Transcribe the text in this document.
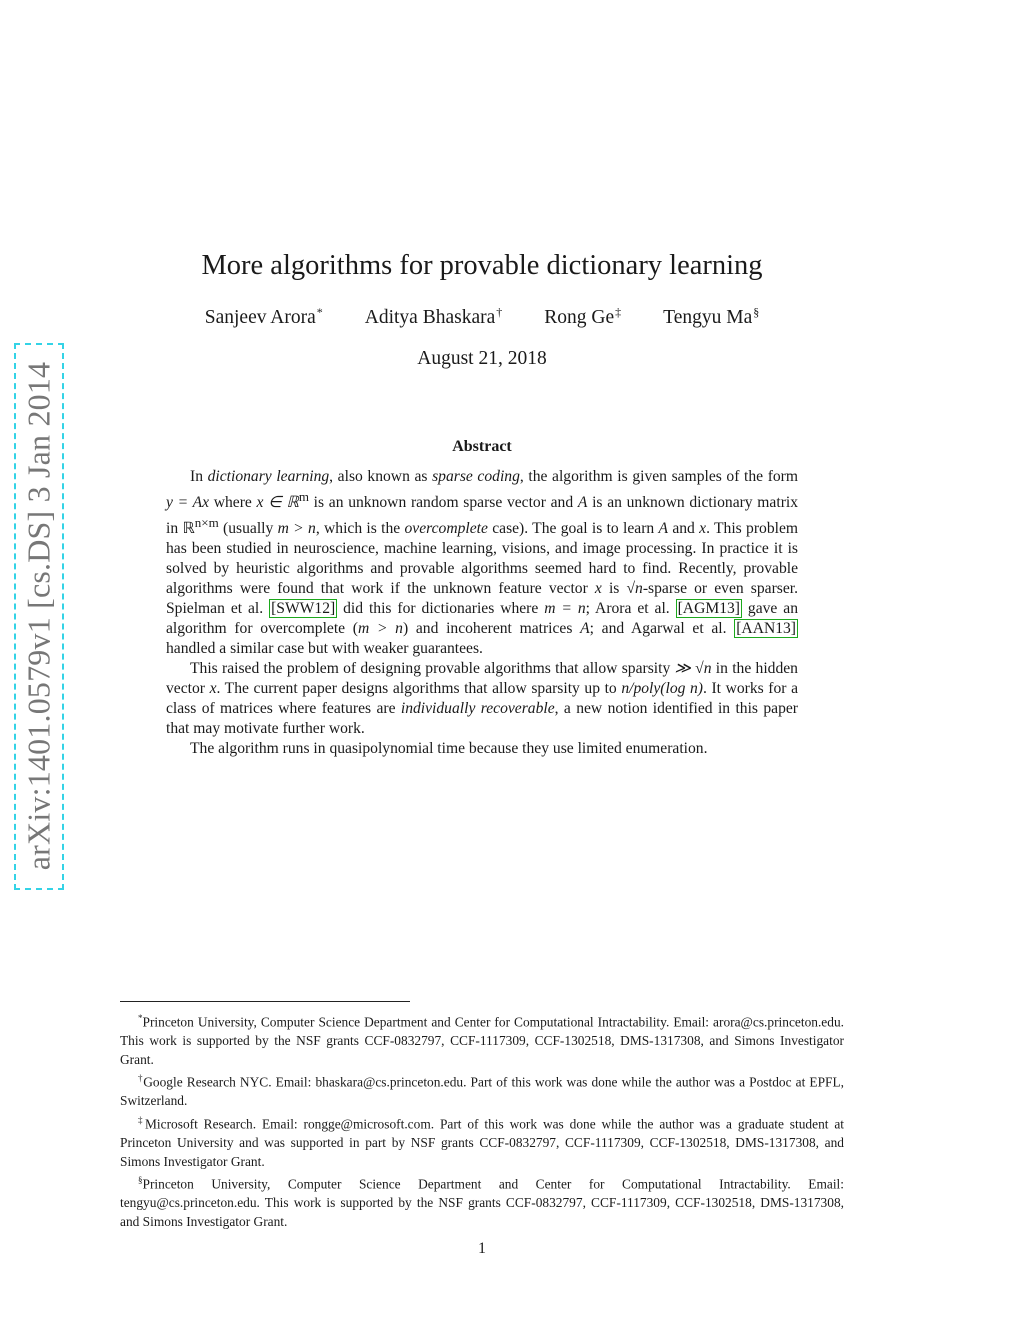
arXiv:1401.0579v1 [cs.DS] 3 Jan 2014
More algorithms for provable dictionary learning
Sanjeev Arora* Aditya Bhaskara† Rong Ge‡ Tengyu Ma§
August 21, 2018
Abstract

In dictionary learning, also known as sparse coding, the algorithm is given samples of the form y = Ax where x ∈ ℝ$^m$ is an unknown random sparse vector and A is an unknown dictionary matrix in ℝ$^{n\times m}$ (usually m > n, which is the overcomplete case). The goal is to learn A and x. This problem has been studied in neuroscience, machine learning, visions, and image processing. In practice it is solved by heuristic algorithms and provable algorithms seemed hard to find. Recently, provable algorithms were found that work if the unknown feature vector x is √n-sparse or even sparser. Spielman et al. [SWW12] did this for dictionaries where m = n; Arora et al. [AGM13] gave an algorithm for overcomplete (m > n) and incoherent matrices A; and Agarwal et al. [AAN13] handled a similar case but with weaker guarantees.

This raised the problem of designing provable algorithms that allow sparsity ≫ √n in the hidden vector x. The current paper designs algorithms that allow sparsity up to n/poly(log n). It works for a class of matrices where features are individually recoverable, a new notion identified in this paper that may motivate further work.

The algorithm runs in quasipolynomial time because they use limited enumeration.

*Princeton University, Computer Science Department and Center for Computational Intractability. Email: arora@cs.princeton.edu. This work is supported by the NSF grants CCF-0832797, CCF-1117309, CCF-1302518, DMS-1317308, and Simons Investigator Grant.

†Google Research NYC. Email: bhaskara@cs.princeton.edu. Part of this work was done while the author was a Postdoc at EPFL, Switzerland.

‡Microsoft Research. Email: rongge@microsoft.com. Part of this work was done while the author was a graduate student at Princeton University and was supported in part by NSF grants CCF-0832797, CCF-1117309, CCF-1302518, DMS-1317308, and Simons Investigator Grant.

§Princeton University, Computer Science Department and Center for Computational Intractability. Email: tengyu@cs.princeton.edu. This work is supported by the NSF grants CCF-0832797, CCF-1117309, CCF-1302518, DMS-1317308, and Simons Investigator Grant.

1
